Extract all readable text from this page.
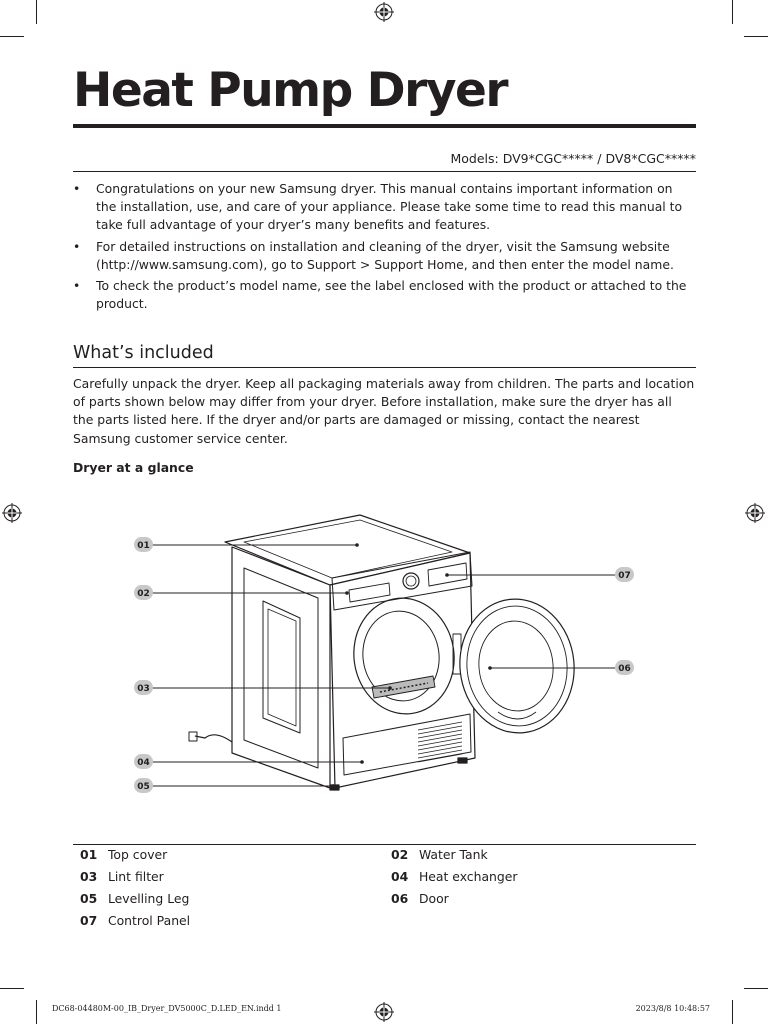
Heat Pump Dryer
Models: DV9*CGC***** / DV8*CGC*****
• Congratulations on your new Samsung dryer. This manual contains important information on the installation, use, and care of your appliance. Please take some time to read this manual to take full advantage of your dryer’s many benefits and features.
• For detailed instructions on installation and cleaning of the dryer, visit the Samsung website (http://www.samsung.com), go to Support > Support Home, and then enter the model name.
• To check the product’s model name, see the label enclosed with the product or attached to the product.
What’s included

Carefully unpack the dryer. Keep all packaging materials away from children. The parts and location of parts shown below may differ from your dryer. Before installation, make sure the dryer has all the parts listed here. If the dryer and/or parts are damaged or missing, contact the nearest Samsung customer service center.

Dryer at a glance
01
02
03
04
05
06
07
01 Top cover	02 Water Tank
03 Lint filter	04 Heat exchanger
05 Levelling Leg	06 Door
07 Control Panel
DC68-04480M-00_IB_Dryer_DV5000C_D.LED_EN.indd 1	2023/8/8 10:48:57
